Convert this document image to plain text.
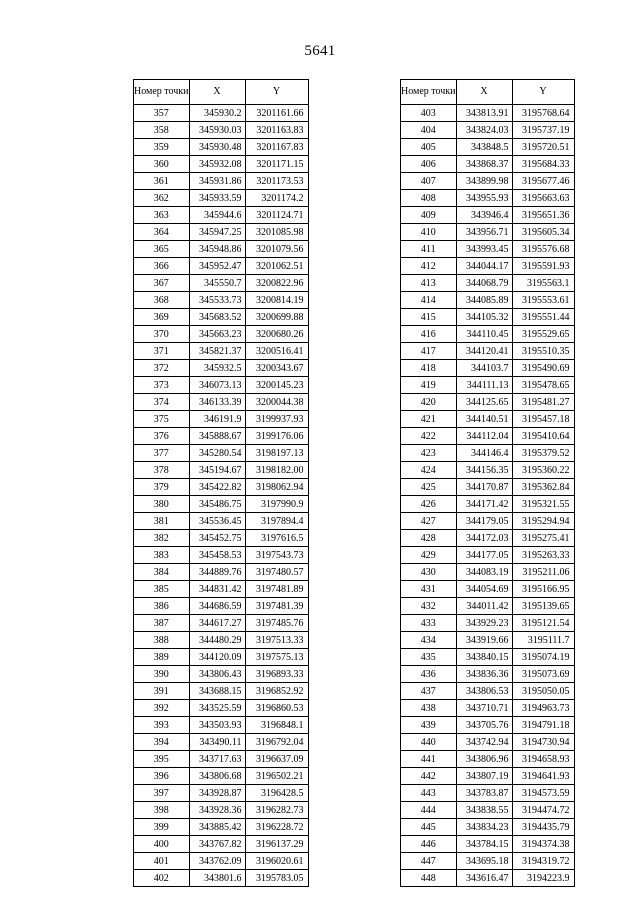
5641
Номер точки	X	Y
357	345930.2	3201161.66
358	345930.03	3201163.83
359	345930.48	3201167.83
360	345932.08	3201171.15
361	345931.86	3201173.53
362	345933.59	3201174.2
363	345944.6	3201124.71
364	345947.25	3201085.98
365	345948.86	3201079.56
366	345952.47	3201062.51
367	345550.7	3200822.96
368	345533.73	3200814.19
369	345683.52	3200699.88
370	345663.23	3200680.26
371	345821.37	3200516.41
372	345932.5	3200343.67
373	346073.13	3200145.23
374	346133.39	3200044.38
375	346191.9	3199937.93
376	345888.67	3199176.06
377	345280.54	3198197.13
378	345194.67	3198182.00
379	345422.82	3198062.94
380	345486.75	3197990.9
381	345536.45	3197894.4
382	345452.75	3197616.5
383	345458.53	3197543.73
384	344889.76	3197480.57
385	344831.42	3197481.89
386	344686.59	3197481.39
387	344617.27	3197485.76
388	344480.29	3197513.33
389	344120.09	3197575.13
390	343806.43	3196893.33
391	343688.15	3196852.92
392	343525.59	3196860.53
393	343503.93	3196848.1
394	343490.11	3196792.04
395	343717.63	3196637.09
396	343806.68	3196502.21
397	343928.87	3196428.5
398	343928.36	3196282.73
399	343885.42	3196228.72
400	343767.82	3196137.29
401	343762.09	3196020.61
402	343801.6	3195783.05
Номер точки	X	Y
403	343813.91	3195768.64
404	343824.03	3195737.19
405	343848.5	3195720.51
406	343868.37	3195684.33
407	343899.98	3195677.46
408	343955.93	3195663.63
409	343946.4	3195651.36
410	343956.71	3195605.34
411	343993.45	3195576.68
412	344044.17	3195591.93
413	344068.79	3195563.1
414	344085.89	3195553.61
415	344105.32	3195551.44
416	344110.45	3195529.65
417	344120.41	3195510.35
418	344103.7	3195490.69
419	344111.13	3195478.65
420	344125.65	3195481.27
421	344140.51	3195457.18
422	344112.04	3195410.64
423	344146.4	3195379.52
424	344156.35	3195360.22
425	344170.87	3195362.84
426	344171.42	3195321.55
427	344179.05	3195294.94
428	344172.03	3195275.41
429	344177.05	3195263.33
430	344083.19	3195211.06
431	344054.69	3195166.95
432	344011.42	3195139.65
433	343929.23	3195121.54
434	343919.66	3195111.7
435	343840.15	3195074.19
436	343836.36	3195073.69
437	343806.53	3195050.05
438	343710.71	3194963.73
439	343705.76	3194791.18
440	343742.94	3194730.94
441	343806.96	3194658.93
442	343807.19	3194641.93
443	343783.87	3194573.59
444	343838.55	3194474.72
445	343834.23	3194435.79
446	343784.15	3194374.38
447	343695.18	3194319.72
448	343616.47	3194223.9
